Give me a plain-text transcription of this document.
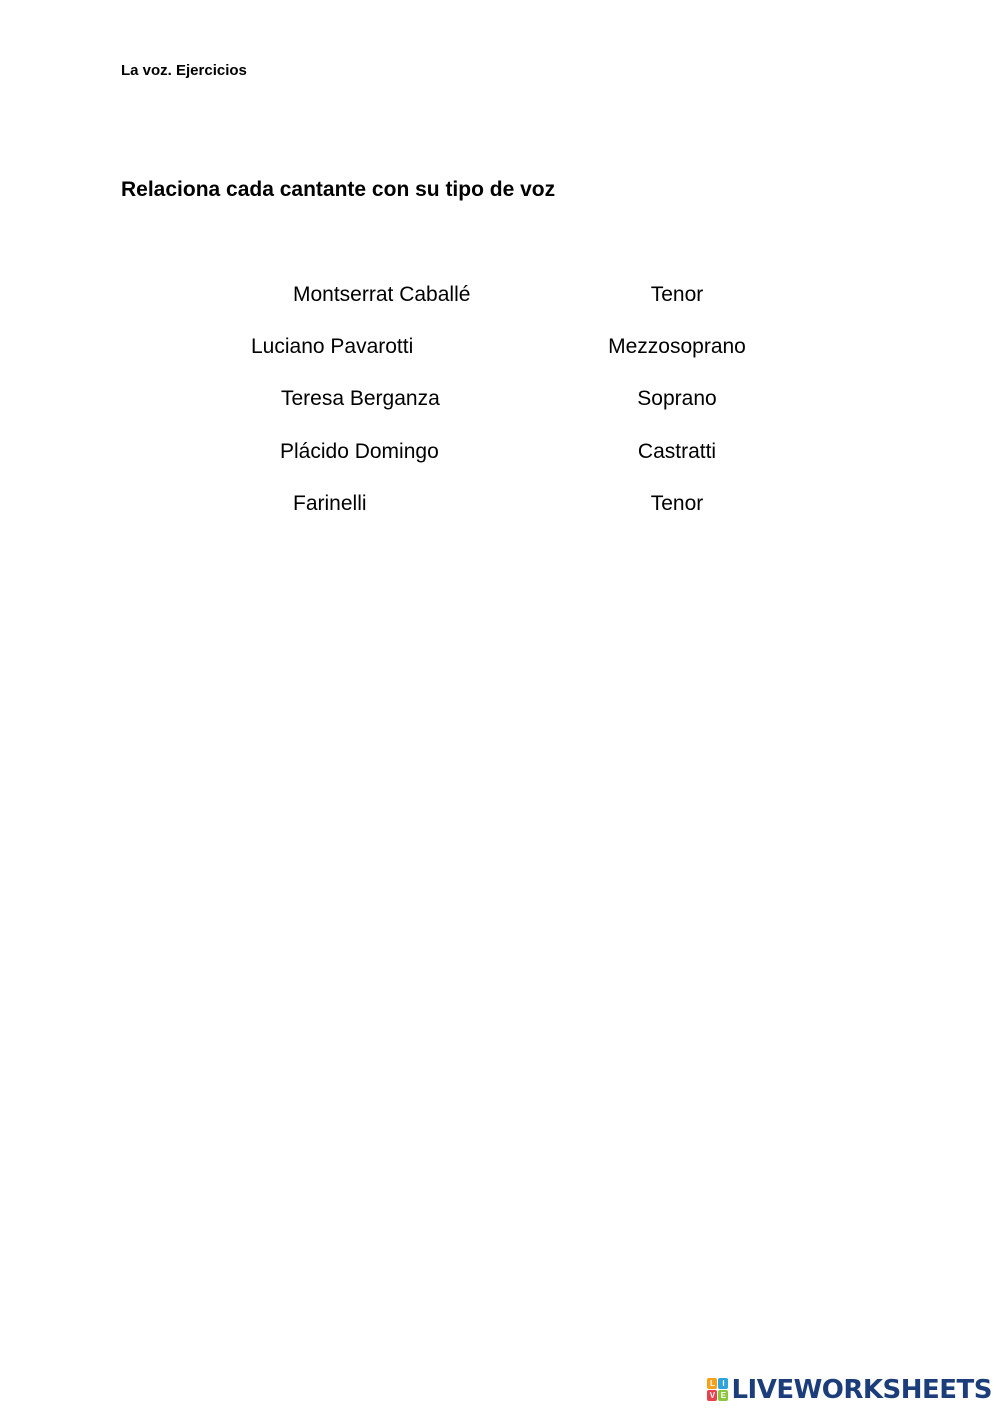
La voz. Ejercicios
Relaciona cada cantante con su tipo de voz
Montserrat Caballé
Luciano Pavarotti
Teresa Berganza
Plácido Domingo
Farinelli
Tenor
Mezzosoprano
Soprano
Castratti
Tenor
L I
V E LIVEWORKSHEETS
